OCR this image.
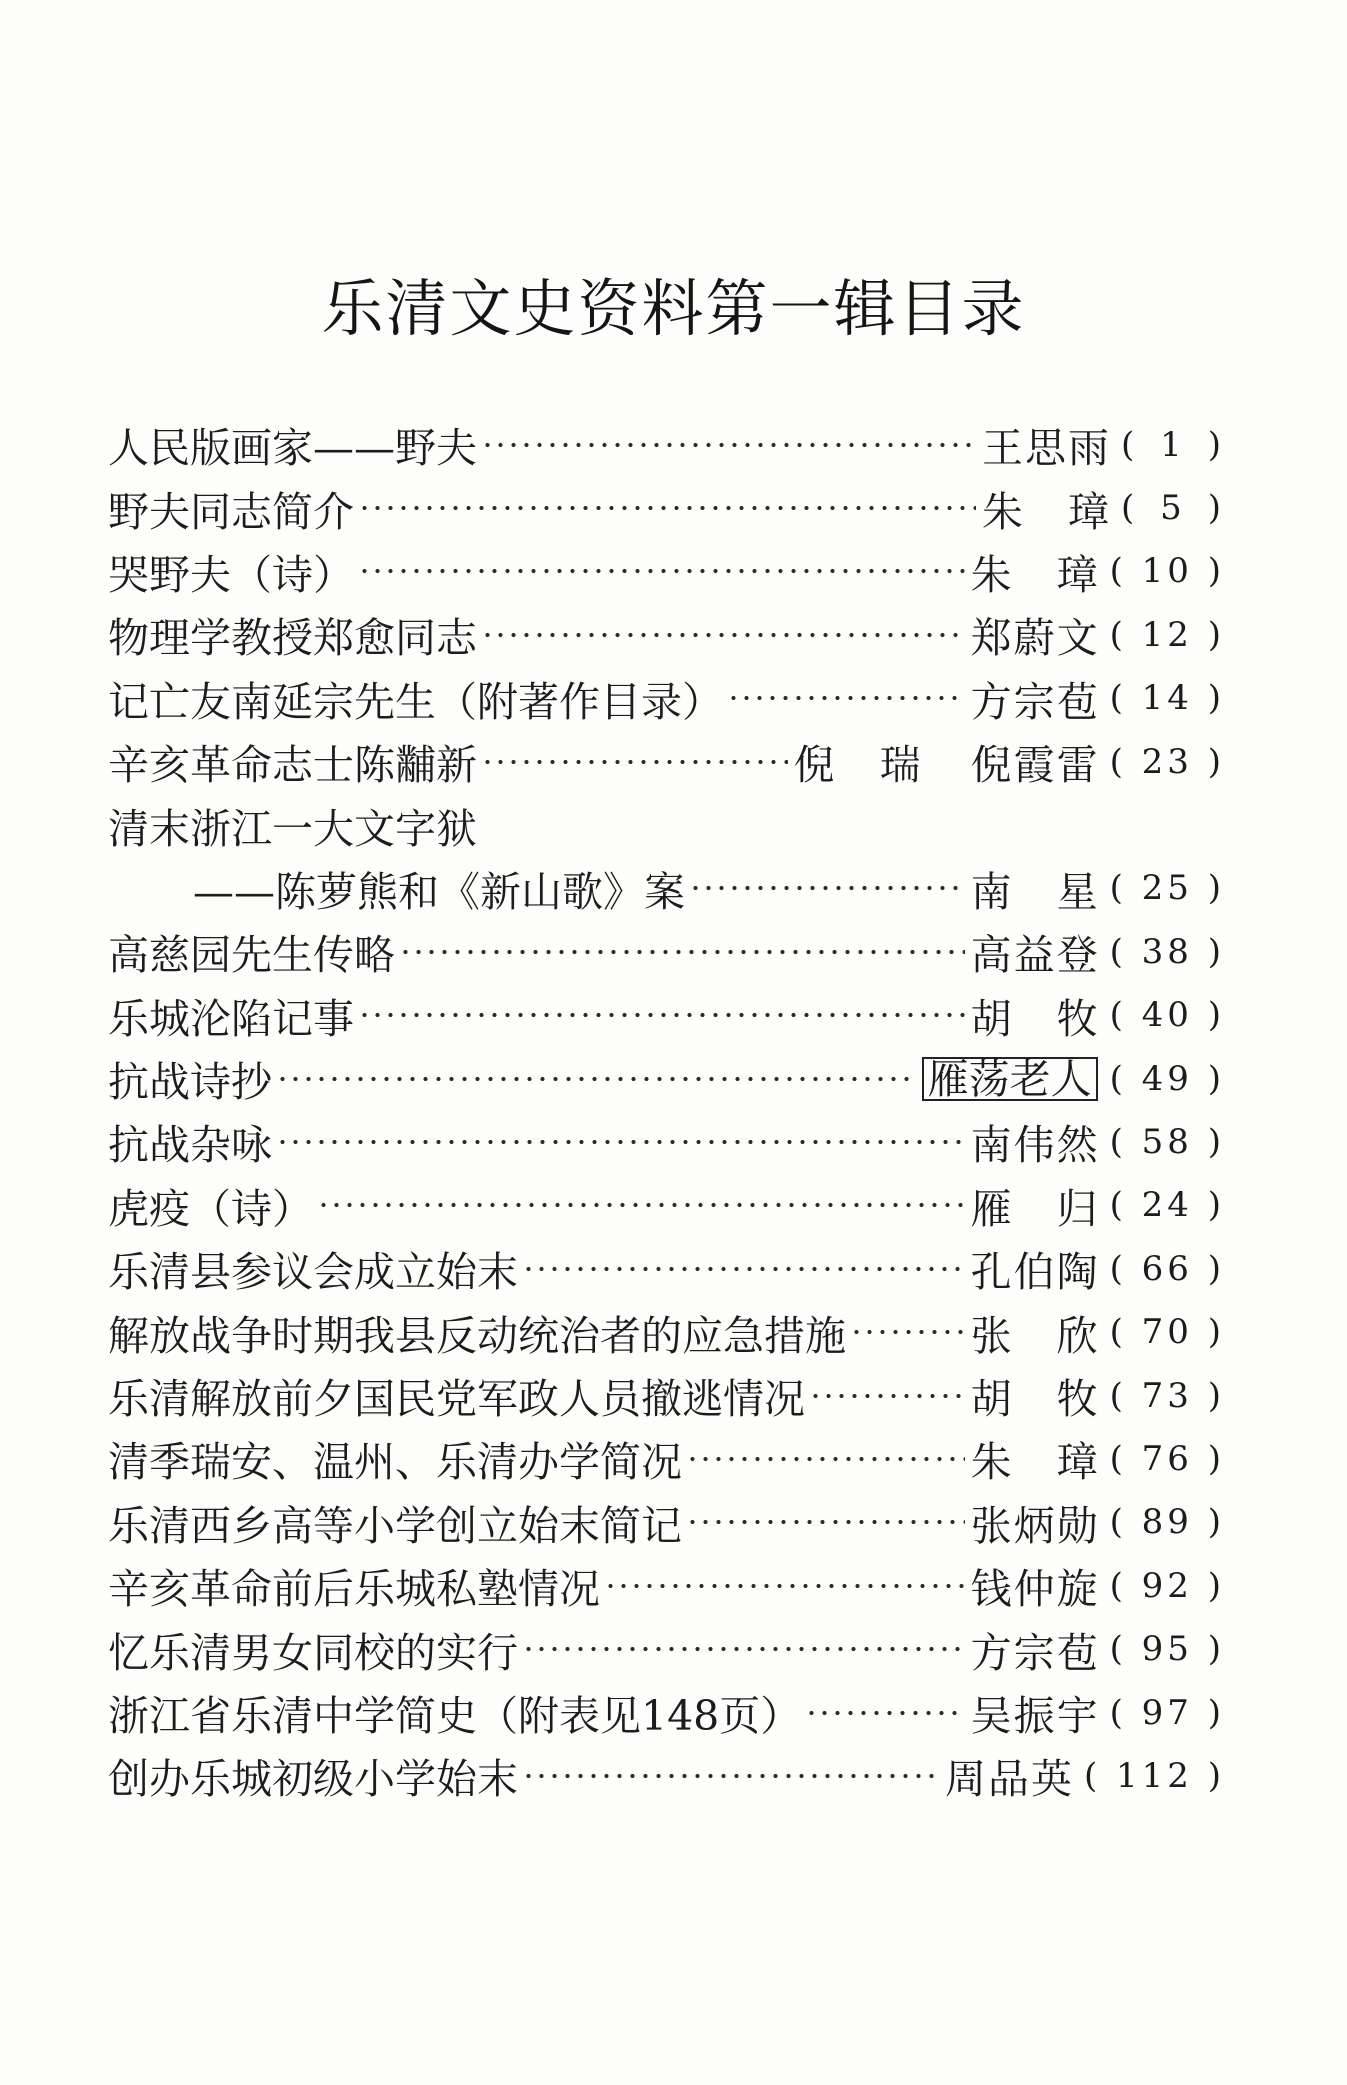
乐清文史资料第一辑目录
人民版画家——野夫	王思雨 ( 1 )
野夫同志简介	朱 璋 ( 5 )
哭野夫（诗）	朱 璋 ( 10 )
物理学教授郑愈同志	郑蔚文 ( 12 )
记亡友南延宗先生（附著作目录）	方宗苞 ( 14 )
辛亥革命志士陈黼新	倪 瑞 倪霞雷 ( 23 )
清末浙江一大文字狱
——陈萝熊和《新山歌》案	南 星 ( 25 )
高慈园先生传略	高益登 ( 38 )
乐城沦陷记事	胡 牧 ( 40 )
抗战诗抄	雁荡老人 ( 49 )
抗战杂咏	南伟然 ( 58 )
虎疫（诗）	雁 归 ( 24 )
乐清县参议会成立始末	孔伯陶 ( 66 )
解放战争时期我县反动统治者的应急措施	张 欣 ( 70 )
乐清解放前夕国民党军政人员撤逃情况	胡 牧 ( 73 )
清季瑞安、温州、乐清办学简况	朱 璋 ( 76 )
乐清西乡高等小学创立始末简记	张炳勋 ( 89 )
辛亥革命前后乐城私塾情况	钱仲旋 ( 92 )
忆乐清男女同校的实行	方宗苞 ( 95 )
浙江省乐清中学简史（附表见148页）	吴振宇 ( 97 )
创办乐城初级小学始末	周品英 ( 112 )
